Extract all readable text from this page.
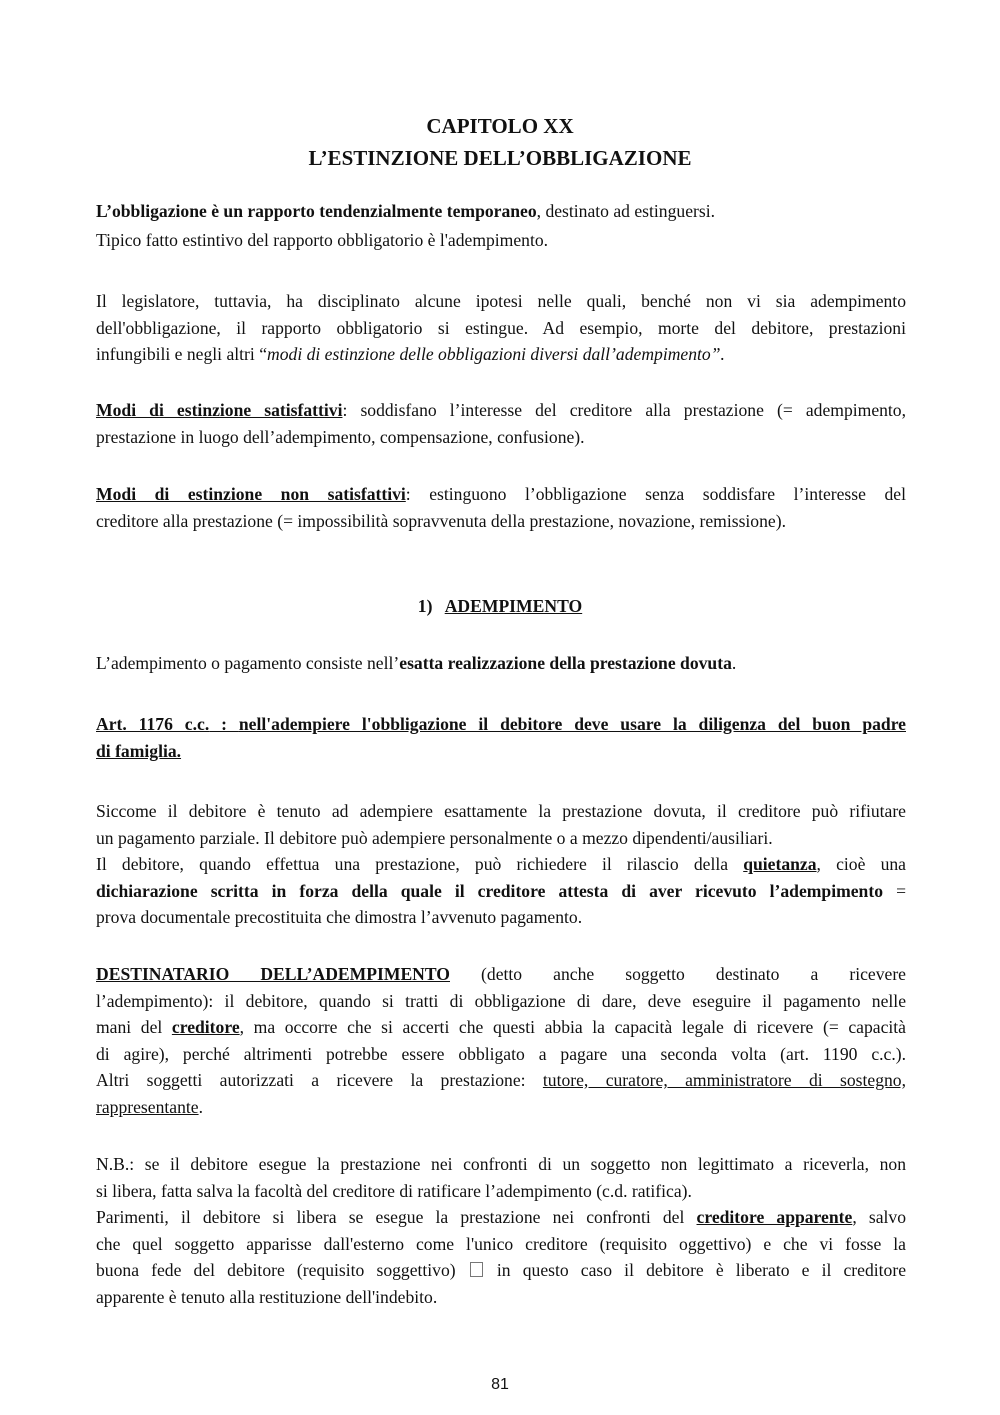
CAPITOLO XX
L’ESTINZIONE DELL’OBBLIGAZIONE
L’obbligazione è un rapporto tendenzialmente temporaneo, destinato ad estinguersi.
Tipico fatto estintivo del rapporto obbligatorio è l'adempimento.
Il legislatore, tuttavia, ha disciplinato alcune ipotesi nelle quali, benché non vi sia adempimento
dell'obbligazione, il rapporto obbligatorio si estingue. Ad esempio, morte del debitore, prestazioni
infungibili e negli altri “modi di estinzione delle obbligazioni diversi dall’adempimento”.
Modi di estinzione satisfattivi: soddisfano l’interesse del creditore alla prestazione (= adempimento,
prestazione in luogo dell’adempimento, compensazione, confusione).
Modi di estinzione non satisfattivi: estinguono l’obbligazione senza soddisfare l’interesse del
creditore alla prestazione (= impossibilità sopravvenuta della prestazione, novazione, remissione).
1) ADEMPIMENTO
L’adempimento o pagamento consiste nell’esatta realizzazione della prestazione dovuta.
Art. 1176 c.c. : nell'adempiere l'obbligazione il debitore deve usare la diligenza del buon padre
di famiglia.
Siccome il debitore è tenuto ad adempiere esattamente la prestazione dovuta, il creditore può rifiutare
un pagamento parziale. Il debitore può adempiere personalmente o a mezzo dipendenti/ausiliari.
Il debitore, quando effettua una prestazione, può richiedere il rilascio della quietanza, cioè una
dichiarazione scritta in forza della quale il creditore attesta di aver ricevuto l’adempimento =
prova documentale precostituita che dimostra l’avvenuto pagamento.
DESTINATARIO DELL’ADEMPIMENTO (detto anche soggetto destinato a ricevere
l’adempimento): il debitore, quando si tratti di obbligazione di dare, deve eseguire il pagamento nelle
mani del creditore, ma occorre che si accerti che questi abbia la capacità legale di ricevere (= capacità
di agire), perché altrimenti potrebbe essere obbligato a pagare una seconda volta (art. 1190 c.c.).
Altri soggetti autorizzati a ricevere la prestazione: tutore, curatore, amministratore di sostegno,
rappresentante.
N.B.: se il debitore esegue la prestazione nei confronti di un soggetto non legittimato a riceverla, non
si libera, fatta salva la facoltà del creditore di ratificare l’adempimento (c.d. ratifica).
Parimenti, il debitore si libera se esegue la prestazione nei confronti del creditore apparente, salvo
che quel soggetto apparisse dall'esterno come l'unico creditore (requisito oggettivo) e che vi fosse la
buona fede del debitore (requisito soggettivo) in questo caso il debitore è liberato e il creditore
apparente è tenuto alla restituzione dell'indebito.
81
